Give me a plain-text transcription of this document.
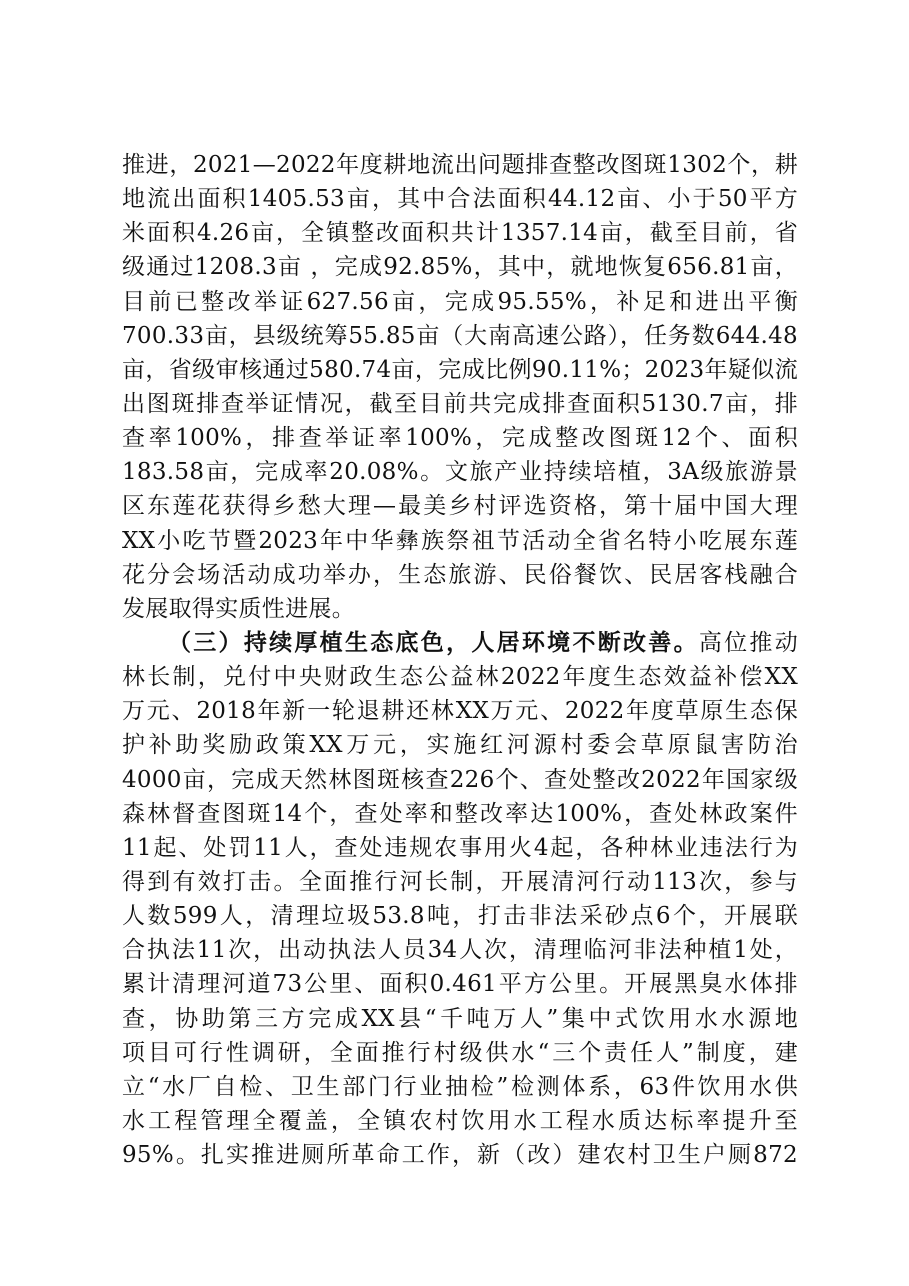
推进，2021—2022年度耕地流出问题排查整改图斑1302个，耕
地流出面积1405.53亩，其中合法面积44.12亩、小于50平方
米面积4.26亩，全镇整改面积共计1357.14亩，截至目前，省
级通过1208.3亩 ，完成92.85%，其中，就地恢复656.81亩，
目前已整改举证627.56亩，完成95.55%，补足和进出平衡
700.33亩，县级统筹55.85亩（大南高速公路），任务数644.48
亩，省级审核通过580.74亩，完成比例90.11%；2023年疑似流
出图斑排查举证情况，截至目前共完成排查面积5130.7亩，排
查率100%，排查举证率100%，完成整改图斑12个、面积
183.58亩，完成率20.08%。文旅产业持续培植，3A级旅游景
区东莲花获得乡愁大理—最美乡村评选资格，第十届中国大理
XX小吃节暨2023年中华彝族祭祖节活动全省名特小吃展东莲
花分会场活动成功举办，生态旅游、民俗餐饮、民居客栈融合
发展取得实质性进展。
（三）持续厚植生态底色，人居环境不断改善。高位推动
林长制，兑付中央财政生态公益林2022年度生态效益补偿XX
万元、2018年新一轮退耕还林XX万元、2022年度草原生态保
护补助奖励政策XX万元，实施红河源村委会草原鼠害防治
4000亩，完成天然林图斑核查226个、查处整改2022年国家级
森林督查图斑14个，查处率和整改率达100%，查处林政案件
11起、处罚11人，查处违规农事用火4起，各种林业违法行为
得到有效打击。全面推行河长制，开展清河行动113次，参与
人数599人，清理垃圾53.8吨，打击非法采砂点6个，开展联
合执法11次，出动执法人员34人次，清理临河非法种植1处，
累计清理河道73公里、面积0.461平方公里。开展黑臭水体排
查，协助第三方完成XX县“千吨万人”集中式饮用水水源地
项目可行性调研，全面推行村级供水“三个责任人”制度，建
立“水厂自检、卫生部门行业抽检”检测体系，63件饮用水供
水工程管理全覆盖，全镇农村饮用水工程水质达标率提升至
95%。扎实推进厕所革命工作，新（改）建农村卫生户厕872
